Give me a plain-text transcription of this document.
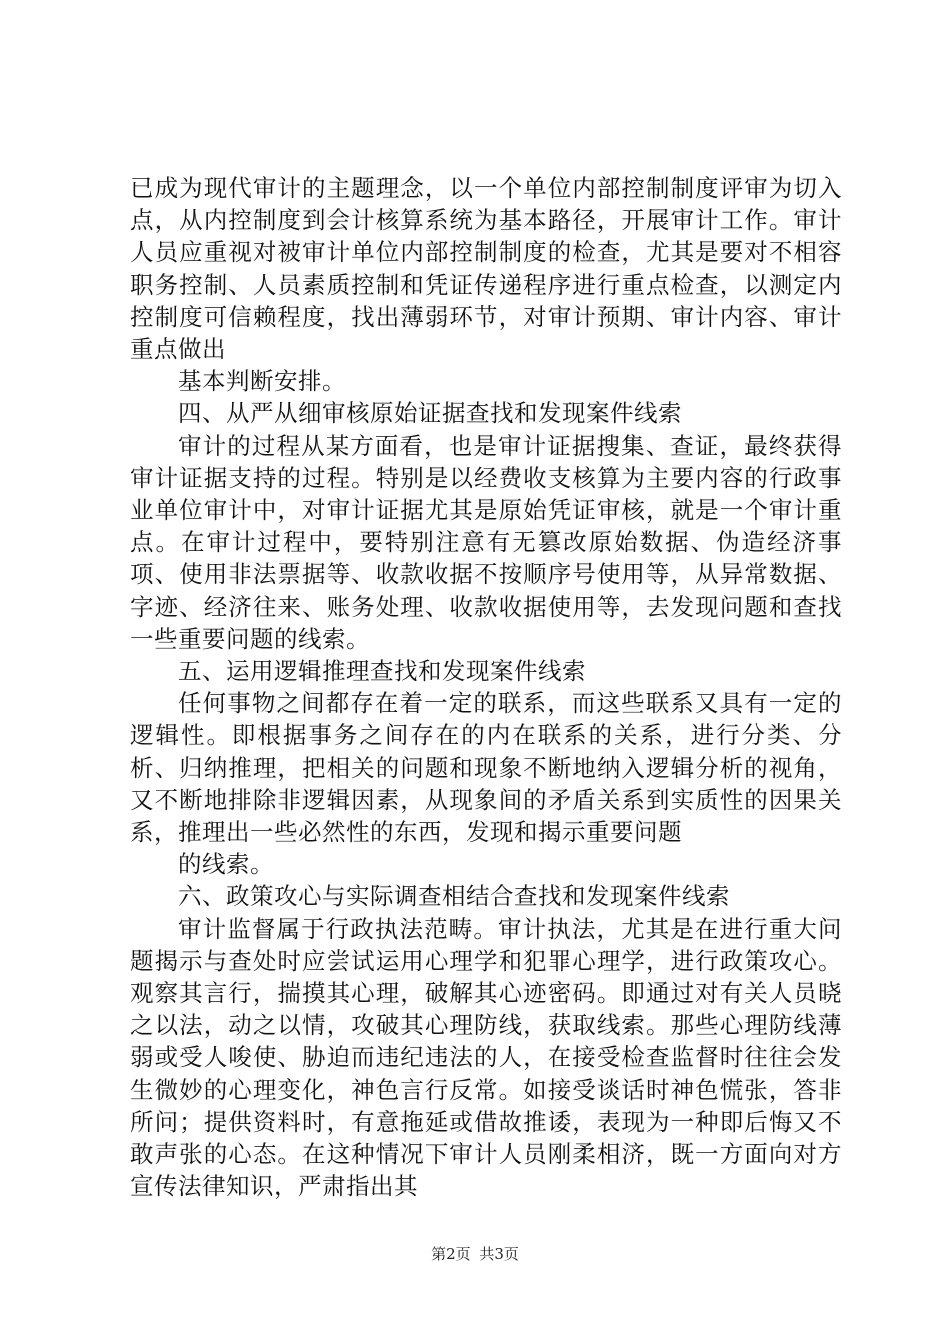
已成为现代审计的主题理念，以一个单位内部控制制度评审为切入点，从内控制度到会计核算系统为基本路径，开展审计工作。审计人员应重视对被审计单位内部控制制度的检查，尤其是要对不相容职务控制、人员素质控制和凭证传递程序进行重点检查，以测定内控制度可信赖程度，找出薄弱环节，对审计预期、审计内容、审计重点做出

基本判断安排。

四、从严从细审核原始证据查找和发现案件线索

审计的过程从某方面看，也是审计证据搜集、查证，最终获得审计证据支持的过程。特别是以经费收支核算为主要内容的行政事业单位审计中，对审计证据尤其是原始凭证审核，就是一个审计重点。在审计过程中，要特别注意有无篡改原始数据、伪造经济事项、使用非法票据等、收款收据不按顺序号使用等，从异常数据、字迹、经济往来、账务处理、收款收据使用等，去发现问题和查找一些重要问题的线索。

五、运用逻辑推理查找和发现案件线索

任何事物之间都存在着一定的联系，而这些联系又具有一定的逻辑性。即根据事务之间存在的内在联系的关系，进行分类、分析、归纳推理，把相关的问题和现象不断地纳入逻辑分析的视角，又不断地排除非逻辑因素，从现象间的矛盾关系到实质性的因果关系，推理出一些必然性的东西，发现和揭示重要问题

的线索。

六、政策攻心与实际调查相结合查找和发现案件线索

审计监督属于行政执法范畴。审计执法，尤其是在进行重大问题揭示与查处时应尝试运用心理学和犯罪心理学，进行政策攻心。观察其言行，揣摸其心理，破解其心迹密码。即通过对有关人员晓之以法，动之以情，攻破其心理防线，获取线索。那些心理防线薄弱或受人唆使、胁迫而违纪违法的人，在接受检查监督时往往会发生微妙的心理变化，神色言行反常。如接受谈话时神色慌张，答非所问；提供资料时，有意拖延或借故推诿，表现为一种即后悔又不敢声张的心态。在这种情况下审计人员刚柔相济，既一方面向对方宣传法律知识，严肃指出其

第2页 共3页
